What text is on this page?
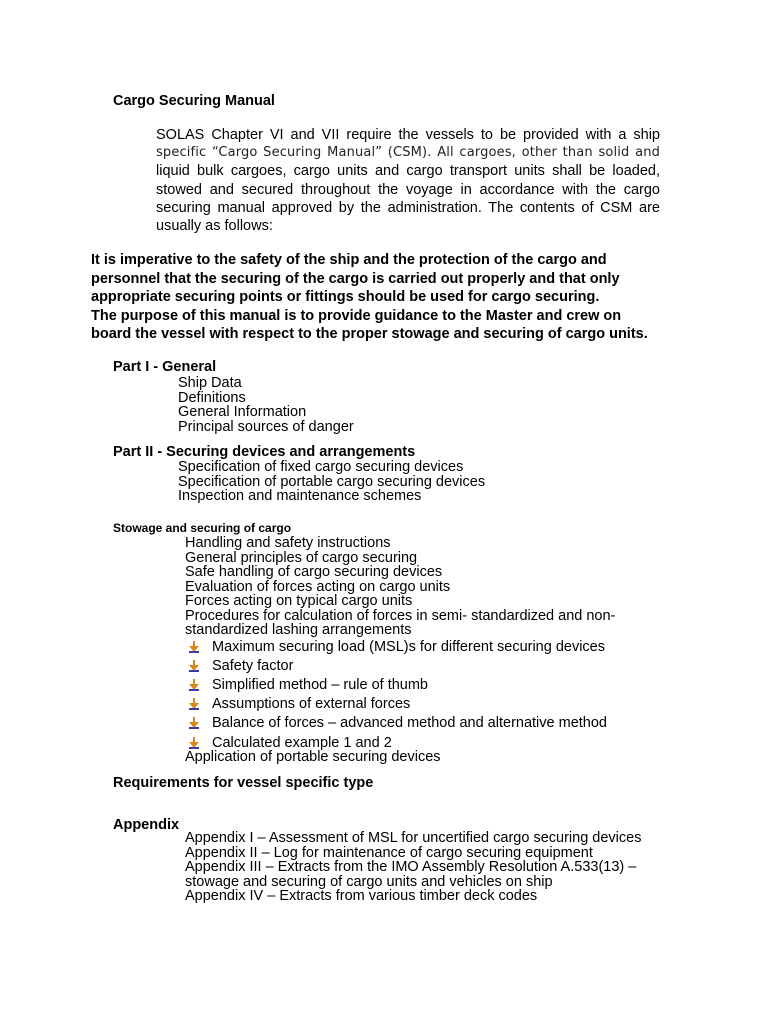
Cargo Securing Manual
SOLAS Chapter VI and VII require the vessels to be provided with a ship
specific “Cargo Securing Manual” (CSM). All cargoes, other than solid and
liquid bulk cargoes, cargo units and cargo transport units shall be loaded,
stowed and secured throughout the voyage in accordance with the cargo
securing manual approved by the administration. The contents of CSM are
usually as follows:
It is imperative to the safety of the ship and the protection of the cargo and
personnel that the securing of the cargo is carried out properly and that only
appropriate securing points or fittings should be used for cargo securing.
The purpose of this manual is to provide guidance to the Master and crew on
board the vessel with respect to the proper stowage and securing of cargo units.
Part I - General
Ship Data
Definitions
General Information
Principal sources of danger
Part II - Securing devices and arrangements
Specification of fixed cargo securing devices
Specification of portable cargo securing devices
Inspection and maintenance schemes
Stowage and securing of cargo
Handling and safety instructions
General principles of cargo securing
Safe handling of cargo securing devices
Evaluation of forces acting on cargo units
Forces acting on typical cargo units
Procedures for calculation of forces in semi- standardized and non-
standardized lashing arrangements
Maximum securing load (MSL)s for different securing devices
Safety factor
Simplified method – rule of thumb
Assumptions of external forces
Balance of forces – advanced method and alternative method
Calculated example 1 and 2
Application of portable securing devices
Requirements for vessel specific type
Appendix
Appendix I – Assessment of MSL for uncertified cargo securing devices
Appendix II – Log for maintenance of cargo securing equipment
Appendix III – Extracts from the IMO Assembly Resolution A.533(13) –
stowage and securing of cargo units and vehicles on ship
Appendix IV – Extracts from various timber deck codes
